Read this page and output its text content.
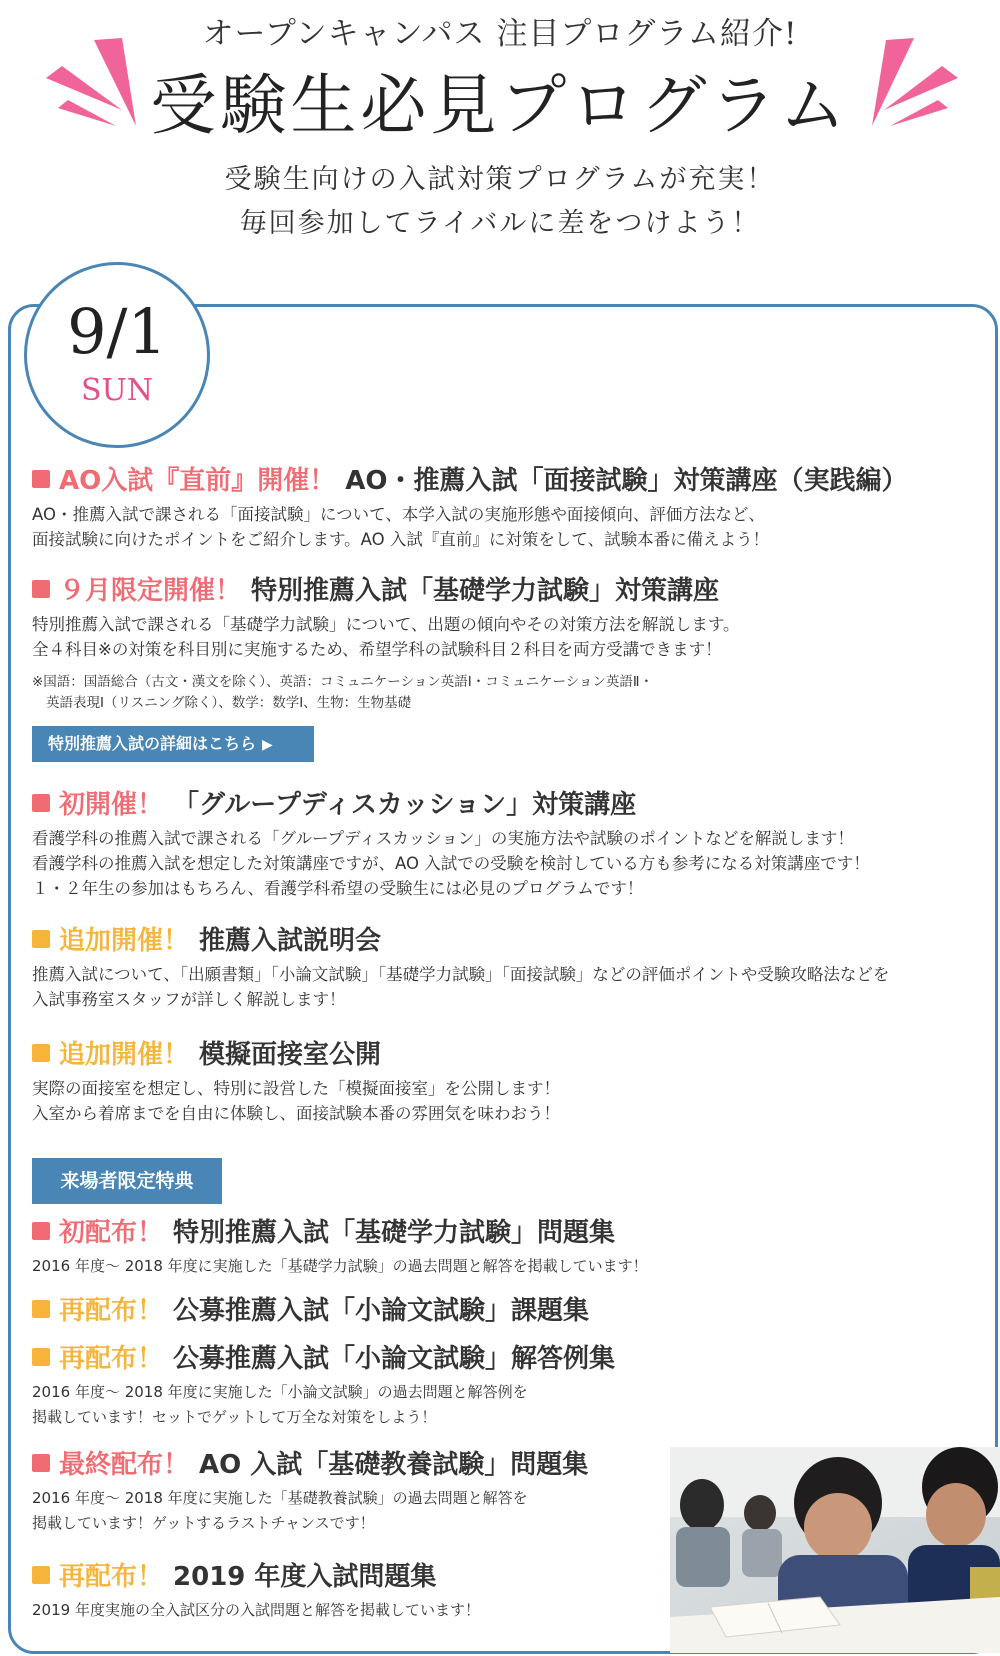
オープンキャンパス 注目プログラム紹介!
受験生必見プログラム
受験生向けの入試対策プログラムが充実！
毎回参加してライバルに差をつけよう！
9/1
SUN
AO入試『直前』開催！ AO・推薦入試「面接試験」対策講座（実践編）
AO・推薦入試で課される「面接試験」について、本学入試の実施形態や面接傾向、評価方法など、
面接試験に向けたポイントをご紹介します。AO 入試『直前』に対策をして、試験本番に備えよう！
９月限定開催！ 特別推薦入試「基礎学力試験」対策講座
特別推薦入試で課される「基礎学力試験」について、出題の傾向やその対策方法を解説します。
全４科目※の対策を科目別に実施するため、希望学科の試験科目２科目を両方受講できます！
※国語：国語総合（古文・漢文を除く）、英語：コミュニケーション英語Ⅰ・コミュニケーション英語Ⅱ・
英語表現Ⅰ（リスニング除く）、数学：数学Ⅰ、生物：生物基礎
特別推薦入試の詳細はこちら ▶
初開催！ 「グループディスカッション」対策講座
看護学科の推薦入試で課される「グループディスカッション」の実施方法や試験のポイントなどを解説します！
看護学科の推薦入試を想定した対策講座ですが、AO 入試での受験を検討している方も参考になる対策講座です！
１・２年生の参加はもちろん、看護学科希望の受験生には必見のプログラムです！
追加開催！ 推薦入試説明会
推薦入試について、「出願書類」「小論文試験」「基礎学力試験」「面接試験」などの評価ポイントや受験攻略法などを
入試事務室スタッフが詳しく解説します！
追加開催！ 模擬面接室公開
実際の面接室を想定し、特別に設営した「模擬面接室」を公開します！
入室から着席までを自由に体験し、面接試験本番の雰囲気を味わおう！
来場者限定特典
初配布！ 特別推薦入試「基礎学力試験」問題集
2016 年度～ 2018 年度に実施した「基礎学力試験」の過去問題と解答を掲載しています！
再配布！ 公募推薦入試「小論文試験」課題集
再配布！ 公募推薦入試「小論文試験」解答例集
2016 年度～ 2018 年度に実施した「小論文試験」の過去問題と解答例を
掲載しています！セットでゲットして万全な対策をしよう！
最終配布！ AO 入試「基礎教養試験」問題集
2016 年度～ 2018 年度に実施した「基礎教養試験」の過去問題と解答を
掲載しています！ゲットするラストチャンスです！
再配布！ 2019 年度入試問題集
2019 年度実施の全入試区分の入試問題と解答を掲載しています！
